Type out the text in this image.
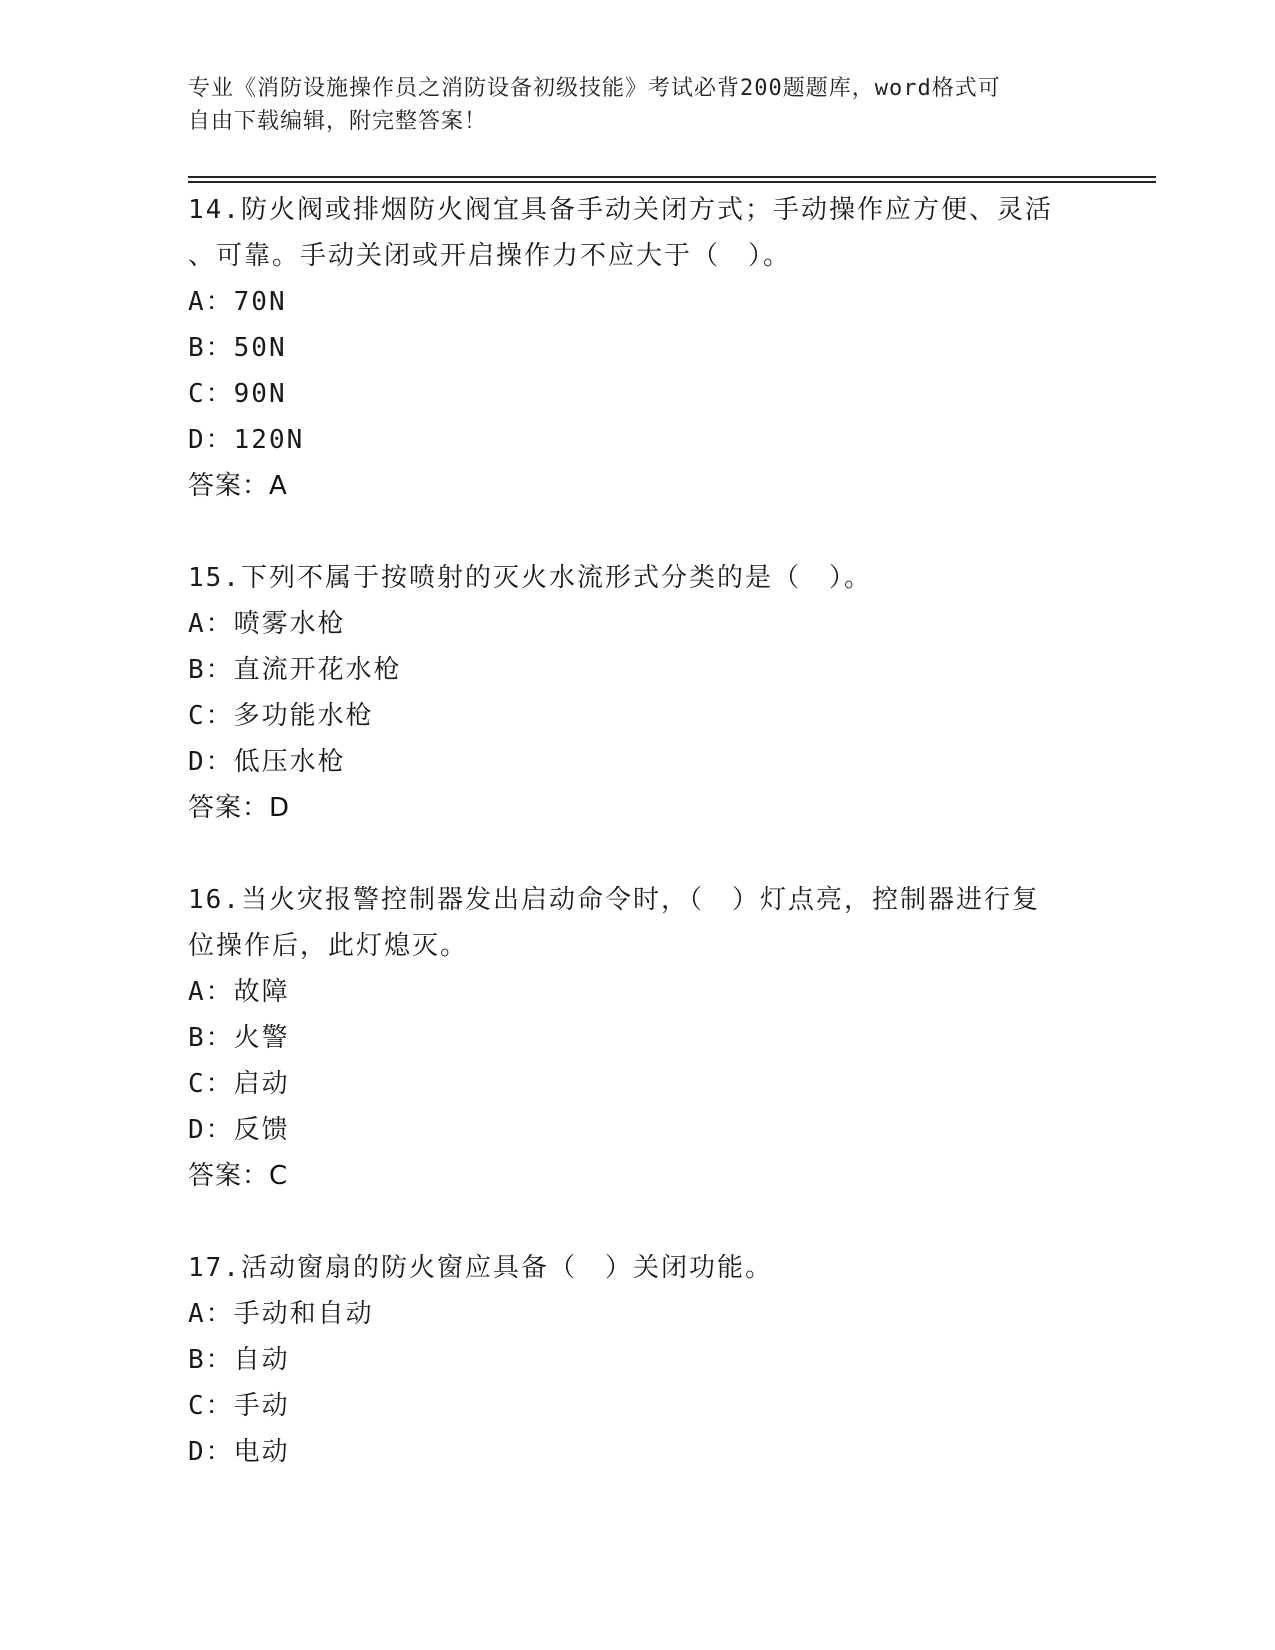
专业《消防设施操作员之消防设备初级技能》考试必背200题题库，word格式可
自由下载编辑，附完整答案！
14.防火阀或排烟防火阀宜具备手动关闭方式；手动操作应方便、灵活
、可靠。手动关闭或开启操作力不应大于（　）。
A：70N
B：50N
C：90N
D：120N
答案：A
15.下列不属于按喷射的灭火水流形式分类的是（　）。
A：喷雾水枪
B：直流开花水枪
C：多功能水枪
D：低压水枪
答案：D
16.当火灾报警控制器发出启动命令时，（　）灯点亮，控制器进行复
位操作后，此灯熄灭。
A：故障
B：火警
C：启动
D：反馈
答案：C
17.活动窗扇的防火窗应具备（　）关闭功能。
A：手动和自动
B：自动
C：手动
D：电动
